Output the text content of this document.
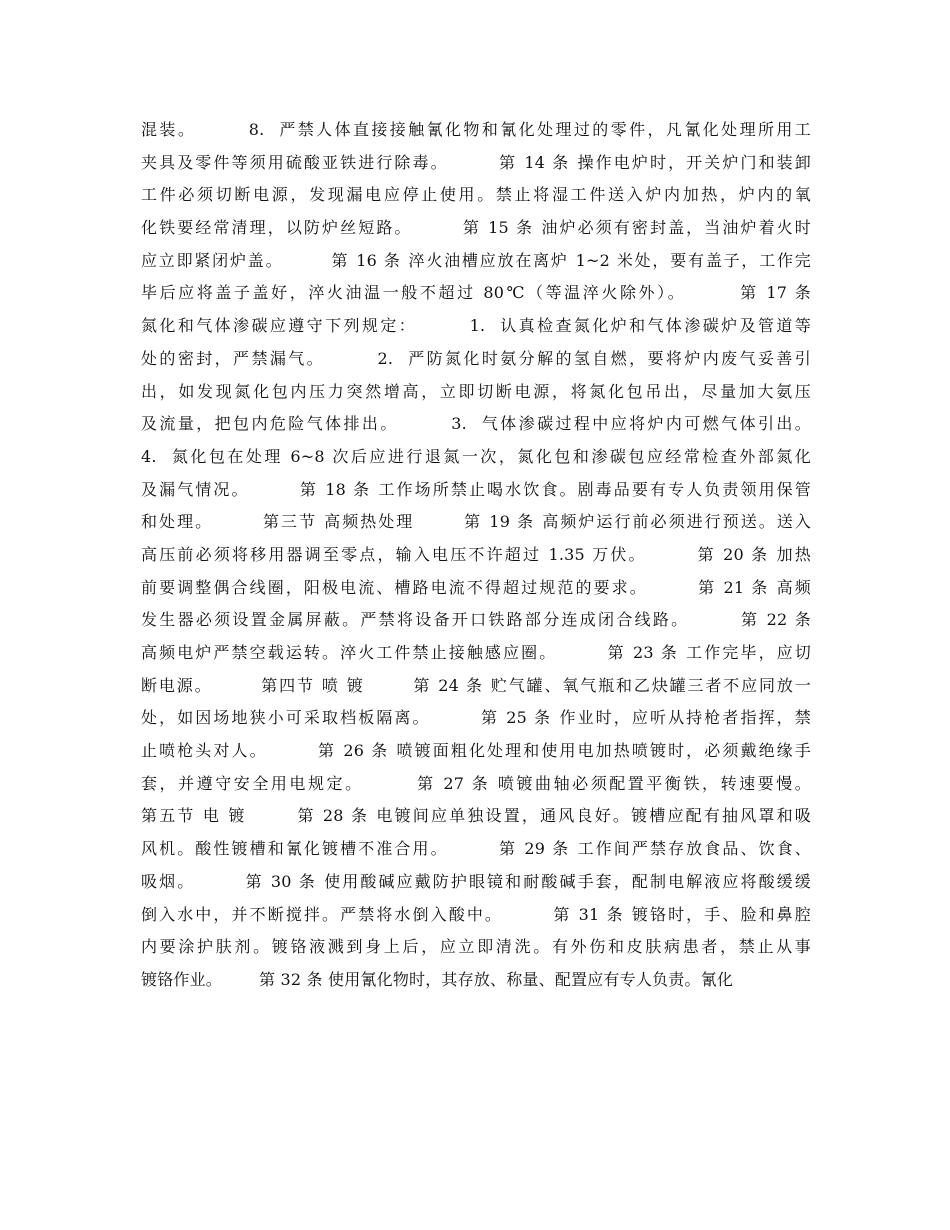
混装。       8.  严禁人体直接接触氰化物和氰化处理过的零件，凡氰化处理所用工
夹具及零件等须用硫酸亚铁进行除毒。       第 14 条 操作电炉时，开关炉门和装卸
工件必须切断电源，发现漏电应停止使用。禁止将湿工件送入炉内加热，炉内的氧
化铁要经常清理，以防炉丝短路。       第 15 条 油炉必须有密封盖，当油炉着火时
应立即紧闭炉盖。       第 16 条 淬火油槽应放在离炉 1~2 米处，要有盖子，工作完
毕后应将盖子盖好，淬火油温一般不超过 80℃（等温淬火除外）。       第 17 条
氮化和气体渗碳应遵守下列规定：       1.  认真检查氮化炉和气体渗碳炉及管道等
处的密封，严禁漏气。       2.  严防氮化时氨分解的氢自燃，要将炉内废气妥善引
出，如发现氮化包内压力突然增高，立即切断电源，将氮化包吊出，尽量加大氨压
及流量，把包内危险气体排出。       3.  气体渗碳过程中应将炉内可燃气体引出。
4.  氮化包在处理 6~8 次后应进行退氮一次，氮化包和渗碳包应经常检查外部氮化
及漏气情况。       第 18 条 工作场所禁止喝水饮食。剧毒品要有专人负责领用保管
和处理。       第三节 高频热处理       第 19 条 高频炉运行前必须进行预送。送入
高压前必须将移用器调至零点，输入电压不许超过 1.35 万伏。       第 20 条 加热
前要调整偶合线圈，阳极电流、槽路电流不得超过规范的要求。       第 21 条 高频
发生器必须设置金属屏蔽。严禁将设备开口铁路部分连成闭合线路。       第 22 条
高频电炉严禁空载运转。淬火工件禁止接触感应圈。       第 23 条 工作完毕，应切
断电源。       第四节 喷 镀       第 24 条 贮气罐、氧气瓶和乙炔罐三者不应同放一
处，如因场地狭小可采取档板隔离。       第 25 条 作业时，应听从持枪者指挥，禁
止喷枪头对人。       第 26 条 喷镀面粗化处理和使用电加热喷镀时，必须戴绝缘手
套，并遵守安全用电规定。       第 27 条 喷镀曲轴必须配置平衡铁，转速要慢。
第五节 电 镀       第 28 条 电镀间应单独设置，通风良好。镀槽应配有抽风罩和吸
风机。酸性镀槽和氰化镀槽不准合用。       第 29 条 工作间严禁存放食品、饮食、
吸烟。       第 30 条 使用酸碱应戴防护眼镜和耐酸碱手套，配制电解液应将酸缓缓
倒入水中，并不断搅拌。严禁将水倒入酸中。       第 31 条 镀铬时，手、脸和鼻腔
内要涂护肤剂。镀铬液溅到身上后，应立即清洗。有外伤和皮肤病患者，禁止从事
镀铬作业。       第 32 条 使用氰化物时，其存放、称量、配置应有专人负责。氰化
